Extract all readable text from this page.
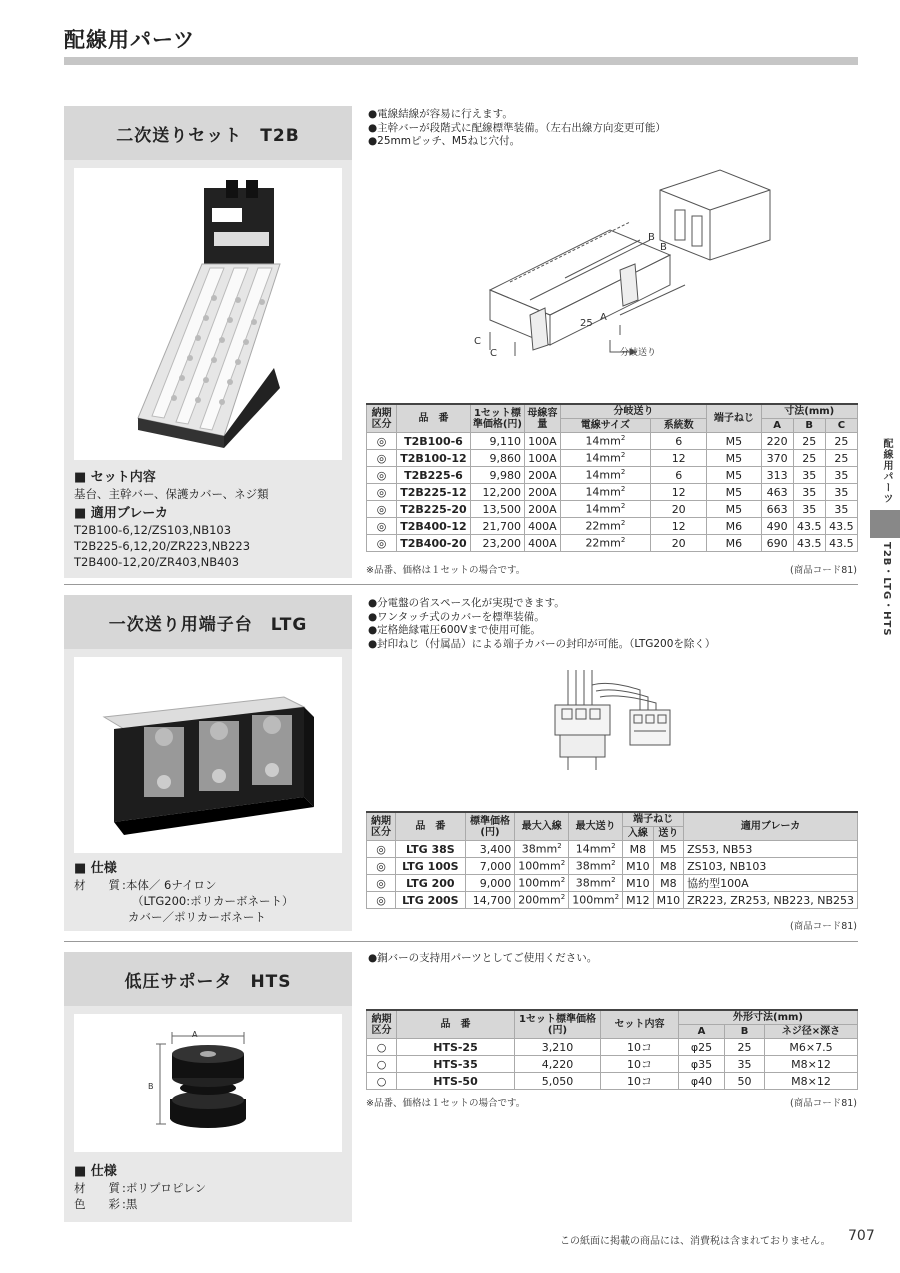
配線用パーツ
配線用パーツ
T2B・LTG・HTS
二次送りセット　T2B
■ セット内容
基台、主幹バー、保護カバー、ネジ類
■ 適用ブレーカ
T2B100-6,12/ZS103,NB103
T2B225-6,12,20/ZR223,NB223
T2B400-12,20/ZR403,NB403
●電線結線が容易に行えます。
●主幹バーが段階式に配線標準装備。（左右出線方向変更可能）
●25mmピッチ、M5ねじ穴付。
B
B
C
C
25
A
分岐送り
納期区分	品　番	1セット標準価格(円)	母線容量	分岐送り		端子ねじ	寸法(mm)		
				電線サイズ	系統数		A	B	C
◎	T2B100-6	9,110	100A	$14mm^2$	6	M5	220	25	25
◎	T2B100-12	9,860	100A	$14mm^2$	12	M5	370	25	25
◎	T2B225-6	9,980	200A	$14mm^2$	6	M5	313	35	35
◎	T2B225-12	12,200	200A	$14mm^2$	12	M5	463	35	35
◎	T2B225-20	13,500	200A	$14mm^2$	20	M5	663	35	35
◎	T2B400-12	21,700	400A	$22mm^2$	12	M6	490	43.5	43.5
◎	T2B400-20	23,200	400A	$22mm^2$	20	M6	690	43.5	43.5
※品番、価格は１セットの場合です。	(商品コード81)
一次送り用端子台　LTG
■ 仕様
材　　質 :本体／ 6ナイロン
（LTG200:ポリカーボネート）
カバー／ポリカーボネート
●分電盤の省スペース化が実現できます。
●ワンタッチ式のカバーを標準装備。
●定格絶縁電圧600Vまで使用可能。
●封印ねじ（付属品）による端子カバーの封印が可能。（LTG200を除く）
納期区分	品　番	標準価格(円)	最大入線	最大送り	端子ねじ		適用ブレーカ
					入線	送り	
◎	LTG 38S	3,400	$38mm^2$	$14mm^2$	M8	M5	ZS53, NB53
◎	LTG 100S	7,000	$100mm^2$	$38mm^2$	M10	M8	ZS103, NB103
◎	LTG 200	9,000	$100mm^2$	$38mm^2$	M10	M8	協約型100A
◎	LTG 200S	14,700	$200mm^2$	$100mm^2$	M12	M10	ZR223, ZR253, NB223, NB253
(商品コード81)
低圧サポータ　HTS
A
B
■ 仕様
材　　質 :ポリプロピレン
色　　彩 :黒
●銅バーの支持用パーツとしてご使用ください。
納期区分	品　番	1セット標準価格(円)	セット内容	外形寸法(mm)		
				A	B	ネジ径×深さ
○	HTS-25	3,210	10コ	φ25	25	M6×7.5
○	HTS-35	4,220	10コ	φ35	35	M8×12
○	HTS-50	5,050	10コ	φ40	50	M8×12
※品番、価格は１セットの場合です。	(商品コード81)
この紙面に掲載の商品には、消費税は含まれておりません。 707
